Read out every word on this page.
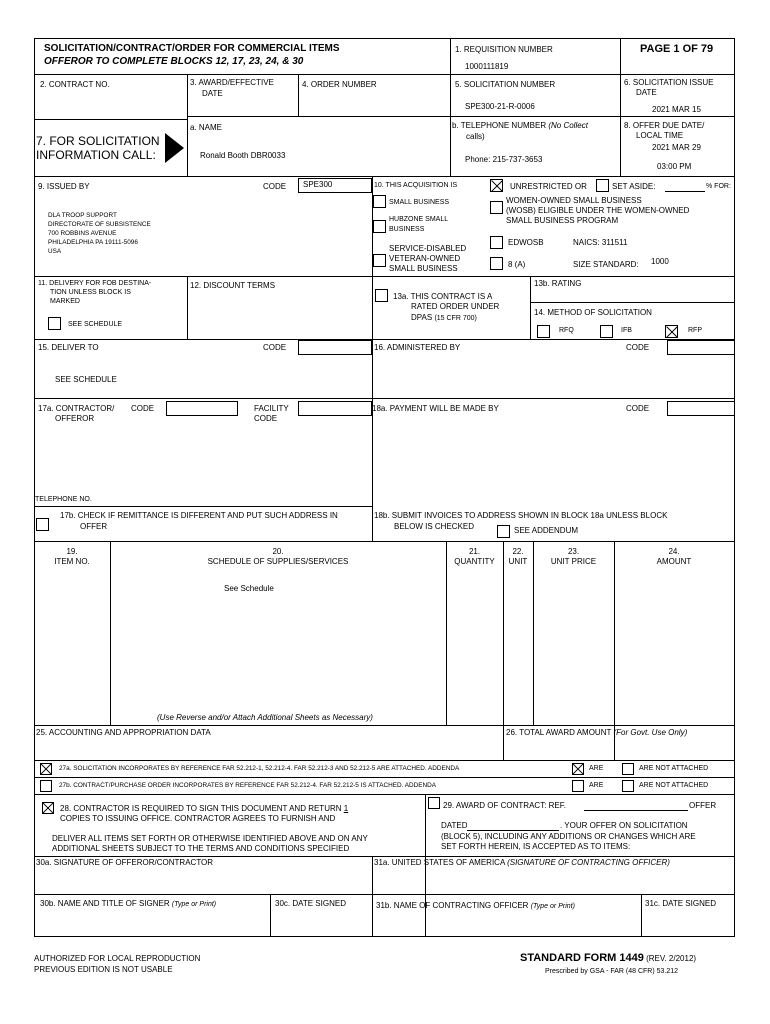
SOLICITATION/CONTRACT/ORDER FOR COMMERCIAL ITEMS
OFFEROR TO COMPLETE BLOCKS 12, 17, 23, 24, & 30
1. REQUISITION NUMBER
1000111819
PAGE 1 OF 79
2. CONTRACT NO.	3. AWARD/EFFECTIVE
DATE
4. ORDER NUMBER	5. SOLICITATION NUMBER
SPE300-21-R-0006
6. SOLICITATION ISSUE
DATE
2021 MAR 15
7. FOR SOLICITATION
INFORMATION CALL:
a. NAME
Ronald Booth DBR0033
b. TELEPHONE NUMBER (No Collect
calls)
Phone: 215-737-3653
8. OFFER DUE DATE/
LOCAL TIME
2021 MAR 29
03:00 PM
9. ISSUED BY	CODE SPE300
DLA TROOP SUPPORT
DIRECTORATE OF SUBSISTENCE
700 ROBBINS AVENUE
PHILADELPHIA PA 19111-5096
USA
10. THIS ACQUISITION IS	UNRESTRICTED OR	SET ASIDE:	% FOR:
SMALL BUSINESS
HUBZONE SMALL
BUSINESS
SERVICE-DISABLED
VETERAN-OWNED
SMALL BUSINESS
WOMEN-OWNED SMALL BUSINESS
(WOSB) ELIGIBLE UNDER THE WOMEN-OWNED
SMALL BUSINESS PROGRAM
EDWOSB	NAICS: 311511
8 (A)	SIZE STANDARD: 1000
11. DELIVERY FOR FOB DESTINA-
TION UNLESS BLOCK IS
MARKED
SEE SCHEDULE
12. DISCOUNT TERMS
13a. THIS CONTRACT IS A
RATED ORDER UNDER
DPAS (15 CFR 700)
13b. RATING
14. METHOD OF SOLICITATION
RFQ	IFB	RFP
15. DELIVER TO	CODE
SEE SCHEDULE
16. ADMINISTERED BY	CODE
17a. CONTRACTOR/ CODE
OFFEROR
FACILITY
CODE
18a. PAYMENT WILL BE MADE BY	CODE
TELEPHONE NO.
17b. CHECK IF REMITTANCE IS DIFFERENT AND PUT SUCH ADDRESS IN
OFFER
18b. SUBMIT INVOICES TO ADDRESS SHOWN IN BLOCK 18a UNLESS BLOCK
BELOW IS CHECKED	SEE ADDENDUM
19.
ITEM NO.
20.
SCHEDULE OF SUPPLIES/SERVICES
21.
QUANTITY
22.
UNIT
23.
UNIT PRICE
24.
AMOUNT
See Schedule
(Use Reverse and/or Attach Additional Sheets as Necessary)
25. ACCOUNTING AND APPROPRIATION DATA	26. TOTAL AWARD AMOUNT (For Govt. Use Only)
27a. SOLICITATION INCORPORATES BY REFERENCE FAR 52.212-1, 52.212-4. FAR 52.212-3 AND 52.212-5 ARE ATTACHED. ADDENDA	ARE	ARE NOT ATTACHED
27b. CONTRACT/PURCHASE ORDER INCORPORATES BY REFERENCE FAR 52.212-4. FAR 52.212-5 IS ATTACHED. ADDENDA	ARE	ARE NOT ATTACHED
28. CONTRACTOR IS REQUIRED TO SIGN THIS DOCUMENT AND RETURN 1
COPIES TO ISSUING OFFICE. CONTRACTOR AGREES TO FURNISH AND
DELIVER ALL ITEMS SET FORTH OR OTHERWISE IDENTIFIED ABOVE AND ON ANY
ADDITIONAL SHEETS SUBJECT TO THE TERMS AND CONDITIONS SPECIFIED
29. AWARD OF CONTRACT: REF.	OFFER
DATED	. YOUR OFFER ON SOLICITATION
(BLOCK 5), INCLUDING ANY ADDITIONS OR CHANGES WHICH ARE
SET FORTH HEREIN, IS ACCEPTED AS TO ITEMS:
30a. SIGNATURE OF OFFEROR/CONTRACTOR	31a. UNITED STATES OF AMERICA (SIGNATURE OF CONTRACTING OFFICER)
30b. NAME AND TITLE OF SIGNER (Type or Print)	30c. DATE SIGNED	31b. NAME OF CONTRACTING OFFICER (Type or Print)	31c. DATE SIGNED
AUTHORIZED FOR LOCAL REPRODUCTION
PREVIOUS EDITION IS NOT USABLE
STANDARD FORM 1449 (REV. 2/2012)
Prescribed by GSA - FAR (48 CFR) 53.212
